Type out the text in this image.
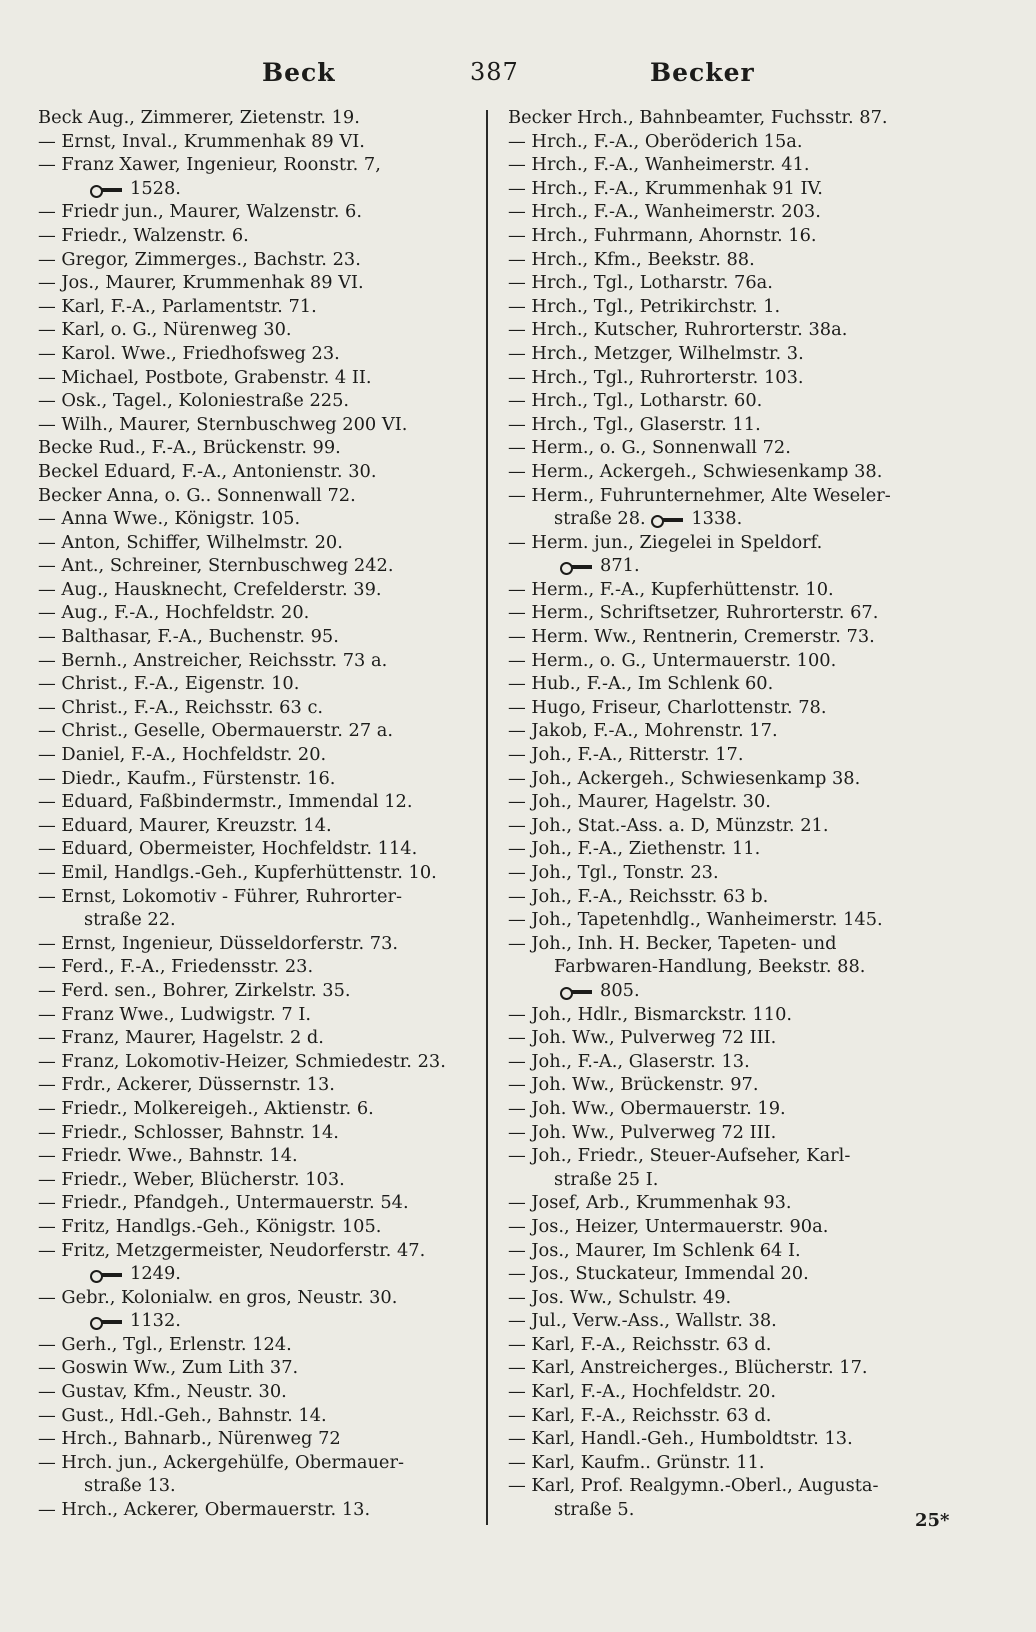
Beck	387	Becker
Beck Aug., Zimmerer, Zietenstr. 19.
— Ernst, Inval., Krummenhak 89 VI.
— Franz Xawer, Ingenieur, Roonstr. 7,
1528.
— Friedr jun., Maurer, Walzenstr. 6.
— Friedr., Walzenstr. 6.
— Gregor, Zimmerges., Bachstr. 23.
— Jos., Maurer, Krummenhak 89 VI.
— Karl, F.-A., Parlamentstr. 71.
— Karl, o. G., Nürenweg 30.
— Karol. Wwe., Friedhofsweg 23.
— Michael, Postbote, Grabenstr. 4 II.
— Osk., Tagel., Koloniestraße 225.
— Wilh., Maurer, Sternbuschweg 200 VI.
Becke Rud., F.-A., Brückenstr. 99.
Beckel Eduard, F.-A., Antonienstr. 30.
Becker Anna, o. G.. Sonnenwall 72.
— Anna Wwe., Königstr. 105.
— Anton, Schiffer, Wilhelmstr. 20.
— Ant., Schreiner, Sternbuschweg 242.
— Aug., Hausknecht, Crefelderstr. 39.
— Aug., F.-A., Hochfeldstr. 20.
— Balthasar, F.-A., Buchenstr. 95.
— Bernh., Anstreicher, Reichsstr. 73 a.
— Christ., F.-A., Eigenstr. 10.
— Christ., F.-A., Reichsstr. 63 c.
— Christ., Geselle, Obermauerstr. 27 a.
— Daniel, F.-A., Hochfeldstr. 20.
— Diedr., Kaufm., Fürstenstr. 16.
— Eduard, Faßbindermstr., Immendal 12.
— Eduard, Maurer, Kreuzstr. 14.
— Eduard, Obermeister, Hochfeldstr. 114.
— Emil, Handlgs.-Geh., Kupferhüttenstr. 10.
— Ernst, Lokomotiv - Führer, Ruhrorter-
straße 22.
— Ernst, Ingenieur, Düsseldorferstr. 73.
— Ferd., F.-A., Friedensstr. 23.
— Ferd. sen., Bohrer, Zirkelstr. 35.
— Franz Wwe., Ludwigstr. 7 I.
— Franz, Maurer, Hagelstr. 2 d.
— Franz, Lokomotiv-Heizer, Schmiedestr. 23.
— Frdr., Ackerer, Düssernstr. 13.
— Friedr., Molkereigeh., Aktienstr. 6.
— Friedr., Schlosser, Bahnstr. 14.
— Friedr. Wwe., Bahnstr. 14.
— Friedr., Weber, Blücherstr. 103.
— Friedr., Pfandgeh., Untermauerstr. 54.
— Fritz, Handlgs.-Geh., Königstr. 105.
— Fritz, Metzgermeister, Neudorferstr. 47.
1249.
— Gebr., Kolonialw. en gros, Neustr. 30.
1132.
— Gerh., Tgl., Erlenstr. 124.
— Goswin Ww., Zum Lith 37.
— Gustav, Kfm., Neustr. 30.
— Gust., Hdl.-Geh., Bahnstr. 14.
— Hrch., Bahnarb., Nürenweg 72
— Hrch. jun., Ackergehülfe, Obermauer-
straße 13.
— Hrch., Ackerer, Obermauerstr. 13.
Becker Hrch., Bahnbeamter, Fuchsstr. 87.
— Hrch., F.-A., Oberöderich 15a.
— Hrch., F.-A., Wanheimerstr. 41.
— Hrch., F.-A., Krummenhak 91 IV.
— Hrch., F.-A., Wanheimerstr. 203.
— Hrch., Fuhrmann, Ahornstr. 16.
— Hrch., Kfm., Beekstr. 88.
— Hrch., Tgl., Lotharstr. 76a.
— Hrch., Tgl., Petrikirchstr. 1.
— Hrch., Kutscher, Ruhrorterstr. 38a.
— Hrch., Metzger, Wilhelmstr. 3.
— Hrch., Tgl., Ruhrorterstr. 103.
— Hrch., Tgl., Lotharstr. 60.
— Hrch., Tgl., Glaserstr. 11.
— Herm., o. G., Sonnenwall 72.
— Herm., Ackergeh., Schwiesenkamp 38.
— Herm., Fuhrunternehmer, Alte Weseler-
straße 28.	1338.
— Herm. jun., Ziegelei in Speldorf.
871.
— Herm., F.-A., Kupferhüttenstr. 10.
— Herm., Schriftsetzer, Ruhrorterstr. 67.
— Herm. Ww., Rentnerin, Cremerstr. 73.
— Herm., o. G., Untermauerstr. 100.
— Hub., F.-A., Im Schlenk 60.
— Hugo, Friseur, Charlottenstr. 78.
— Jakob, F.-A., Mohrenstr. 17.
— Joh., F.-A., Ritterstr. 17.
— Joh., Ackergeh., Schwiesenkamp 38.
— Joh., Maurer, Hagelstr. 30.
— Joh., Stat.-Ass. a. D, Münzstr. 21.
— Joh., F.-A., Ziethenstr. 11.
— Joh., Tgl., Tonstr. 23.
— Joh., F.-A., Reichsstr. 63 b.
— Joh., Tapetenhdlg., Wanheimerstr. 145.
— Joh., Inh. H. Becker, Tapeten- und
Farbwaren-Handlung, Beekstr. 88.
805.
— Joh., Hdlr., Bismarckstr. 110.
— Joh. Ww., Pulverweg 72 III.
— Joh., F.-A., Glaserstr. 13.
— Joh. Ww., Brückenstr. 97.
— Joh. Ww., Obermauerstr. 19.
— Joh. Ww., Pulverweg 72 III.
— Joh., Friedr., Steuer-Aufseher, Karl-
straße 25 I.
— Josef, Arb., Krummenhak 93.
— Jos., Heizer, Untermauerstr. 90a.
— Jos., Maurer, Im Schlenk 64 I.
— Jos., Stuckateur, Immendal 20.
— Jos. Ww., Schulstr. 49.
— Jul., Verw.-Ass., Wallstr. 38.
— Karl, F.-A., Reichsstr. 63 d.
— Karl, Anstreicherges., Blücherstr. 17.
— Karl, F.-A., Hochfeldstr. 20.
— Karl, F.-A., Reichsstr. 63 d.
— Karl, Handl.-Geh., Humboldtstr. 13.
— Karl, Kaufm.. Grünstr. 11.
— Karl, Prof. Realgymn.-Oberl., Augusta-
straße 5.
25*
